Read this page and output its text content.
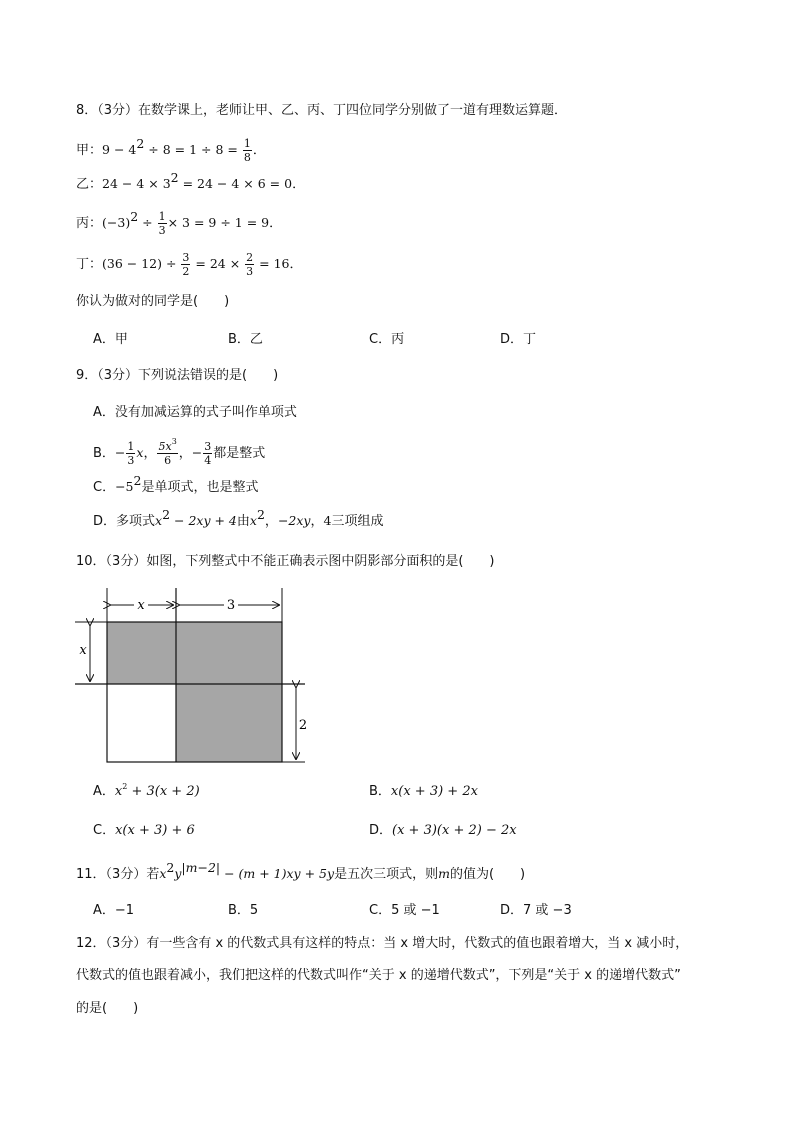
8．（3分）在数学课上，老师让甲、乙、丙、丁四位同学分别做了一道有理数运算题．
甲：$9 - 4^2 \div 8 = 1 \div 8 = \frac{1}{8}$ ．
乙：$24 - 4 \times 3^2 = 24 - 4 \times 6 = 0$．
丙：$(-3)^2 \div \frac{1}{3} \times 3 = 9 \div 1 = 9$．
丁：$(36 - 12) \div \frac{3}{2} = 24 \times \frac{2}{3} = 16$．
你认为做对的同学是(　　)
A．甲	B．乙	C．丙	D．丁
9．（3分）下列说法错误的是(　　)
A．没有加减运算的式子叫作单项式
B．− $\frac{1}{3}$ x， $\frac{5x^3}{6}$ ，− $\frac{3}{4}$ 都是整式
C．$-5^2$是单项式，也是整式
D．多项式$x^2 - 2xy + 4$由$x^2$，−2xy，4三项组成
10．（3分）如图，下列整式中不能正确表示图中阴影部分面积的是(　　)
x	3
x
2
A．$x^2 + 3(x + 2)$	B．x(x + 3) + 2x
C．x(x + 3) + 6	D．(x + 3)(x + 2) − 2x
11．（3分）若$x^2y^{|m-2|} - (m + 1)xy + 5y$是五次三项式，则m的值为(　　)
A．−1	B．5	C．5 或 −1	D．7 或 −3
12．（3分）有一些含有 x 的代数式具有这样的特点：当 x 增大时，代数式的值也跟着增大，当 x 减小时，
代数式的值也跟着减小，我们把这样的代数式叫作“关于 x 的递增代数式”，下列是“关于 x 的递增代数式”
的是(　　)
